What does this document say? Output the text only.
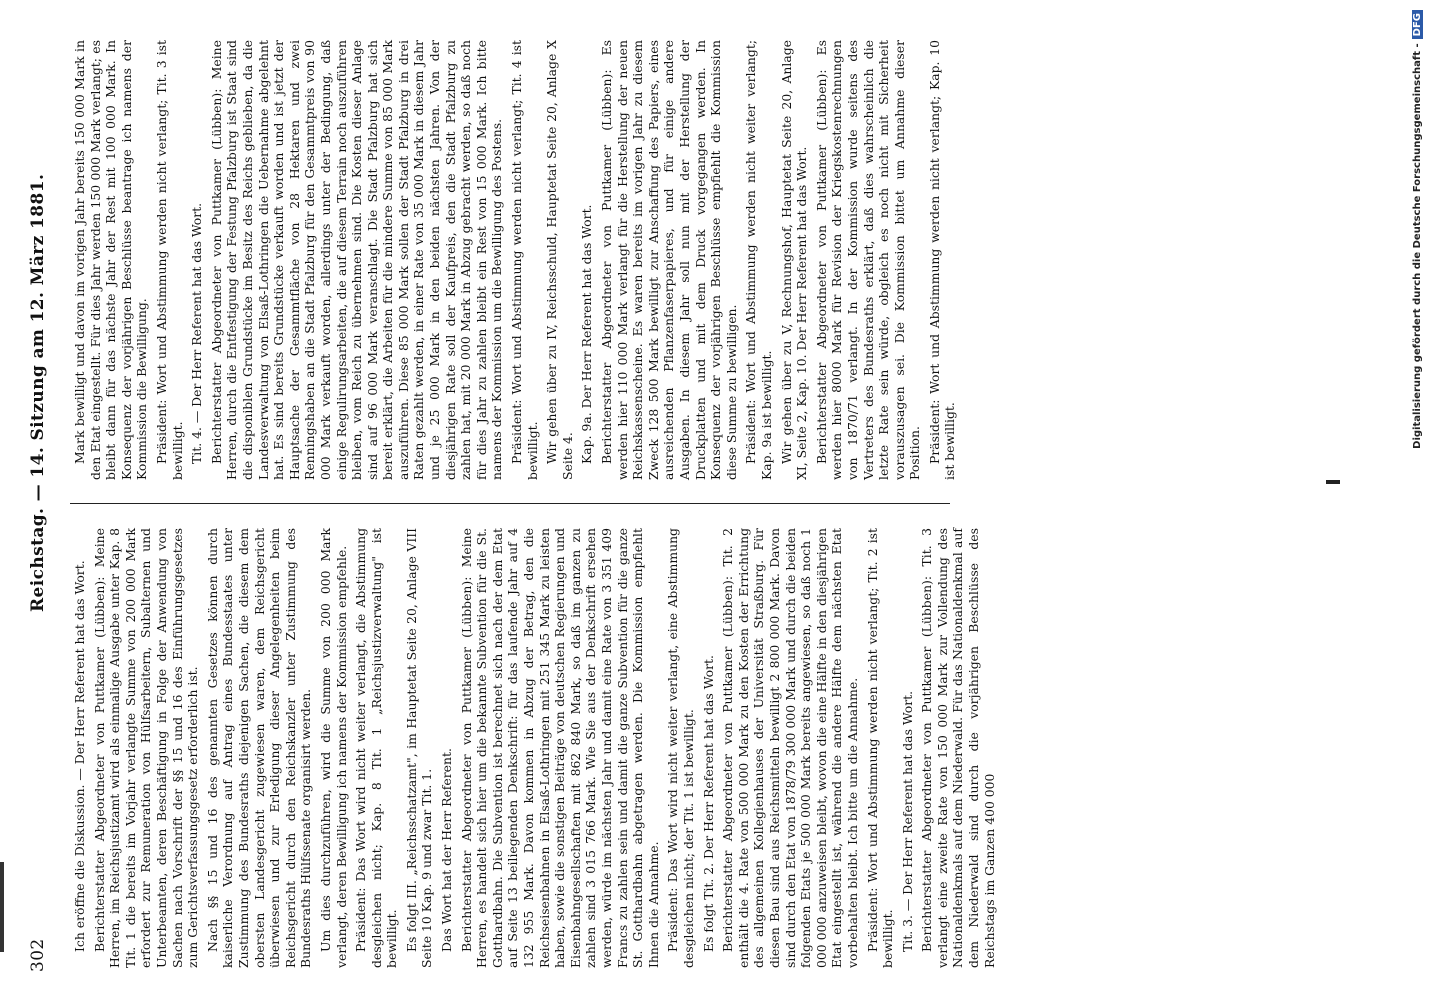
302
Reichstag. — 14. Sitzung am 12. März 1881.

Ich eröffne die Diskussion. — Der Herr Referent hat das Wort. Berichterstatter Abgeordneter von Puttkamer (Lübben): Meine Herren, im Reichsjustizamt wird als einmalige Ausgabe unter Kap. 8 Tit. 1 die bereits im Vorjahr verlangte Summe von 200 000 Mark erfordert zur Remuneration von Hülfsarbeitern, Subalternen und Unterbeamten, deren Beschäftigung in Folge der Anwendung von Sachen nach Vorschrift der §§ 15 und 16 des Einführungsgesetzes zum Gerichtsverfassungsgesetz erforderlich ist. Nach §§ 15 und 16 des genannten Gesetzes können durch kaiserliche Verordnung auf Antrag eines Bundesstaates unter Zustimmung des Bundesraths diejenigen Sachen, die diesem dem obersten Landesgericht zugewiesen waren, dem Reichsgericht überwiesen und zur Erledigung dieser Angelegenheiten beim Reichsgericht durch den Reichskanzler unter Zustimmung des Bundesraths Hülfssenate organisirt werden. Um dies durchzuführen, wird die Summe von 200 000 Mark verlangt, deren Bewilligung ich namens der Kommission empfehle. Präsident: Das Wort wird nicht weiter verlangt, die Abstimmung desgleichen nicht; Kap. 8 Tit. 1 „Reichsjustizverwaltung" ist bewilligt. Es folgt III. „Reichsschatzamt", im Hauptetat Seite 20, Anlage VIII Seite 10 Kap. 9 und zwar Tit. 1. Das Wort hat der Herr Referent. Berichterstatter Abgeordneter von Puttkamer (Lübben): Meine Herren, es handelt sich hier um die bekannte Subvention für die St. Gotthardbahn. Die Subvention ist berechnet sich nach der dem Etat auf Seite 13 beiliegenden Denkschrift: für das laufende Jahr auf 4 132 955 Mark. Davon kommen in Abzug der Betrag, den die Reichseisenbahnen in Elsaß-Lothringen mit 251 345 Mark zu leisten haben, sowie die sonstigen Beiträge von deutschen Regierungen und Eisenbahngesellschaften mit 862 840 Mark, so daß im ganzen zu zahlen sind 3 015 766 Mark. Wie Sie aus der Denkschrift ersehen werden, würde im nächsten Jahr und damit eine Rate von 3 351 409 Francs zu zahlen sein und damit die ganze Subvention für die ganze St. Gotthardbahn abgetragen werden. Die Kommission empfiehlt Ihnen die Annahme. Präsident: Das Wort wird nicht weiter verlangt, eine Abstimmung desgleichen nicht; der Tit. 1 ist bewilligt. Es folgt Tit. 2. Der Herr Referent hat das Wort. Berichterstatter Abgeordneter von Puttkamer (Lübben): Tit. 2 enthält die 4. Rate von 500 000 Mark zu den Kosten der Errichtung des allgemeinen Kollegienhauses der Universität Straßburg. Für diesen Bau sind aus Reichsmitteln bewilligt 2 800 000 Mark. Davon sind durch den Etat von 1878/79 300 000 Mark und durch die beiden folgenden Etats je 500 000 Mark bereits angewiesen, so daß noch 1 000 000 anzuweisen bleibt, wovon die eine Hälfte in den diesjährigen Etat eingestellt ist, während die andere Hälfte dem nächsten Etat vorbehalten bleibt. Ich bitte um die Annahme. Präsident: Wort und Abstimmung werden nicht verlangt; Tit. 2 ist bewilligt. Tit. 3. — Der Herr Referent hat das Wort. Berichterstatter Abgeordneter von Puttkamer (Lübben): Tit. 3 verlangt eine zweite Rate von 150 000 Mark zur Vollendung des Nationaldenkmals auf dem Niederwald. Für das Nationaldenkmal auf dem Niederwald sind durch die vorjährigen Beschlüsse des Reichstags im Ganzen 400 000

Mark bewilligt und davon im vorigen Jahr bereits 150 000 Mark in den Etat eingestellt. Für dies Jahr werden 150 000 Mark verlangt; es bleibt dann für das nächste Jahr der Rest mit 100 000 Mark. In Konsequenz der vorjährigen Beschlüsse beantrage ich namens der Kommission die Bewilligung. Präsident: Wort und Abstimmung werden nicht verlangt; Tit. 3 ist bewilligt. Tit. 4. — Der Herr Referent hat das Wort. Berichterstatter Abgeordneter von Puttkamer (Lübben): Meine Herren, durch die Entfestigung der Festung Pfalzburg ist Staat sind die disponiblen Grundstücke im Besitz des Reichs geblieben, da die Landesverwaltung von Elsaß-Lothringen die Uebernahme abgelehnt hat. Es sind bereits Grundstücke verkauft worden und ist jetzt der Hauptsache der Gesammtfläche von 28 Hektaren und zwei Renningshaben an die Stadt Pfalzburg für den Gesammtpreis von 90 000 Mark verkauft worden, allerdings unter der Bedingung, daß einige Regulirungsarbeiten, die auf diesem Terrain noch auszuführen bleiben, vom Reich zu übernehmen sind. Die Kosten dieser Anlage sind auf 96 000 Mark veranschlagt. Die Stadt Pfalzburg hat sich bereit erklärt, die Arbeiten für die mindere Summe von 85 000 Mark auszuführen. Diese 85 000 Mark sollen der Stadt Pfalzburg in drei Raten gezahlt werden, in einer Rate von 35 000 Mark in diesem Jahr und je 25 000 Mark in den beiden nächsten Jahren. Von der diesjährigen Rate soll der Kaufpreis, den die Stadt Pfalzburg zu zahlen hat, mit 20 000 Mark in Abzug gebracht werden, so daß noch für dies Jahr zu zahlen bleibt ein Rest von 15 000 Mark. Ich bitte namens der Kommission um die Bewilligung des Postens. Präsident: Wort und Abstimmung werden nicht verlangt; Tit. 4 ist bewilligt. Wir gehen über zu IV, Reichsschuld, Hauptetat Seite 20, Anlage X Seite 4. Kap. 9a. Der Herr Referent hat das Wort. Berichterstatter Abgeordneter von Puttkamer (Lübben): Es werden hier 110 000 Mark verlangt für die Herstellung der neuen Reichskassenscheine. Es waren bereits im vorigen Jahr zu diesem Zweck 128 500 Mark bewilligt zur Anschaffung des Papiers, eines ausreichenden Pflanzenfaserpapieres, und für einige andere Ausgaben. In diesem Jahr soll nun mit der Herstellung der Druckplatten und mit dem Druck vorgegangen werden. In Konsequenz der vorjährigen Beschlüsse empfiehlt die Kommission diese Summe zu bewilligen. Präsident: Wort und Abstimmung werden nicht weiter verlangt; Kap. 9a ist bewilligt. Wir gehen über zu V, Rechnungshof, Hauptetat Seite 20, Anlage XI, Seite 2, Kap. 10. Der Herr Referent hat das Wort. Berichterstatter Abgeordneter von Puttkamer (Lübben): Es werden hier 8000 Mark für Revision der Kriegskostenrechnungen von 1870/71 verlangt. In der Kommission wurde seitens des Vertreters des Bundesraths erklärt, daß dies wahrscheinlich die letzte Rate sein würde, obgleich es noch nicht mit Sicherheit vorauszusagen sei. Die Kommission bittet um Annahme dieser Position. Präsident: Wort und Abstimmung werden nicht verlangt; Kap. 10 ist bewilligt.	Digitalisierung gefördert durch die Deutsche Forschungsgemeinschaft -DFG
